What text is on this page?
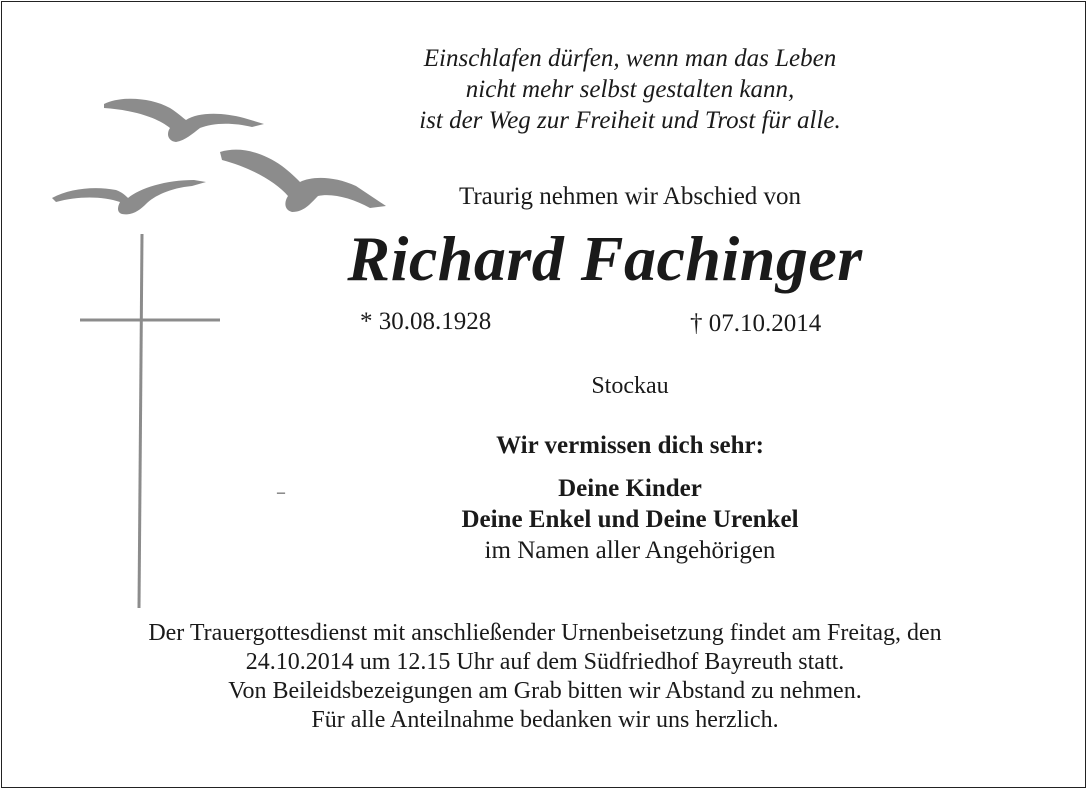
Einschlafen dürfen, wenn man das Leben
nicht mehr selbst gestalten kann,
ist der Weg zur Freiheit und Trost für alle.
Traurig nehmen wir Abschied von
Richard Fachinger
* 30.08.1928	† 07.10.2014
Stockau
Wir vermissen dich sehr:
–	Deine Kinder
Deine Enkel und Deine Urenkel
im Namen aller Angehörigen
Der Trauergottesdienst mit anschließender Urnenbeisetzung findet am Freitag, den
24.10.2014 um 12.15 Uhr auf dem Südfriedhof Bayreuth statt.
Von Beileidsbezeigungen am Grab bitten wir Abstand zu nehmen.
Für alle Anteilnahme bedanken wir uns herzlich.
